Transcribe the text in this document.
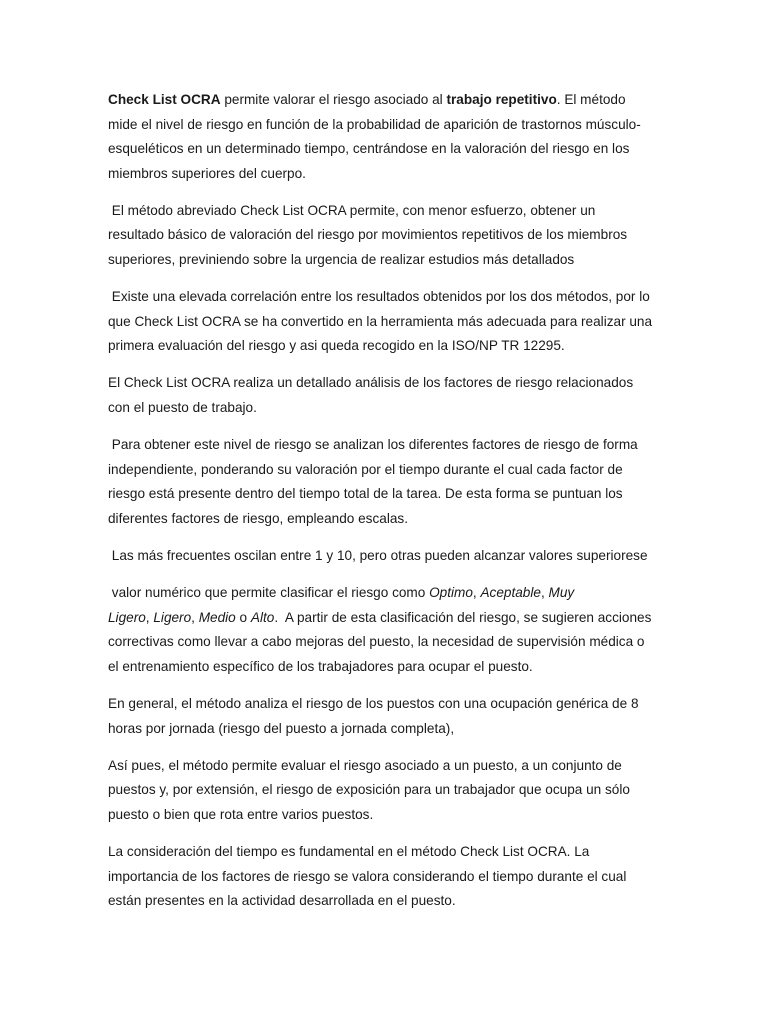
Check List OCRA permite valorar el riesgo asociado al trabajo repetitivo. El método
mide el nivel de riesgo en función de la probabilidad de aparición de trastornos músculo-
esqueléticos en un determinado tiempo, centrándose en la valoración del riesgo en los
miembros superiores del cuerpo.

El método abreviado Check List OCRA permite, con menor esfuerzo, obtener un
resultado básico de valoración del riesgo por movimientos repetitivos de los miembros
superiores, previniendo sobre la urgencia de realizar estudios más detallados

Existe una elevada correlación entre los resultados obtenidos por los dos métodos, por lo
que Check List OCRA se ha convertido en la herramienta más adecuada para realizar una
primera evaluación del riesgo y asi queda recogido en la ISO/NP TR 12295.

El Check List OCRA realiza un detallado análisis de los factores de riesgo relacionados
con el puesto de trabajo.

Para obtener este nivel de riesgo se analizan los diferentes factores de riesgo de forma
independiente, ponderando su valoración por el tiempo durante el cual cada factor de
riesgo está presente dentro del tiempo total de la tarea. De esta forma se puntuan los
diferentes factores de riesgo, empleando escalas.

Las más frecuentes oscilan entre 1 y 10, pero otras pueden alcanzar valores superiorese

valor numérico que permite clasificar el riesgo como Optimo, Aceptable, Muy
Ligero, Ligero, Medio o Alto.  A partir de esta clasificación del riesgo, se sugieren acciones
correctivas como llevar a cabo mejoras del puesto, la necesidad de supervisión médica o
el entrenamiento específico de los trabajadores para ocupar el puesto.

En general, el método analiza el riesgo de los puestos con una ocupación genérica de 8
horas por jornada (riesgo del puesto a jornada completa),

Así pues, el método permite evaluar el riesgo asociado a un puesto, a un conjunto de
puestos y, por extensión, el riesgo de exposición para un trabajador que ocupa un sólo
puesto o bien que rota entre varios puestos.

La consideración del tiempo es fundamental en el método Check List OCRA. La
importancia de los factores de riesgo se valora considerando el tiempo durante el cual
están presentes en la actividad desarrollada en el puesto.
